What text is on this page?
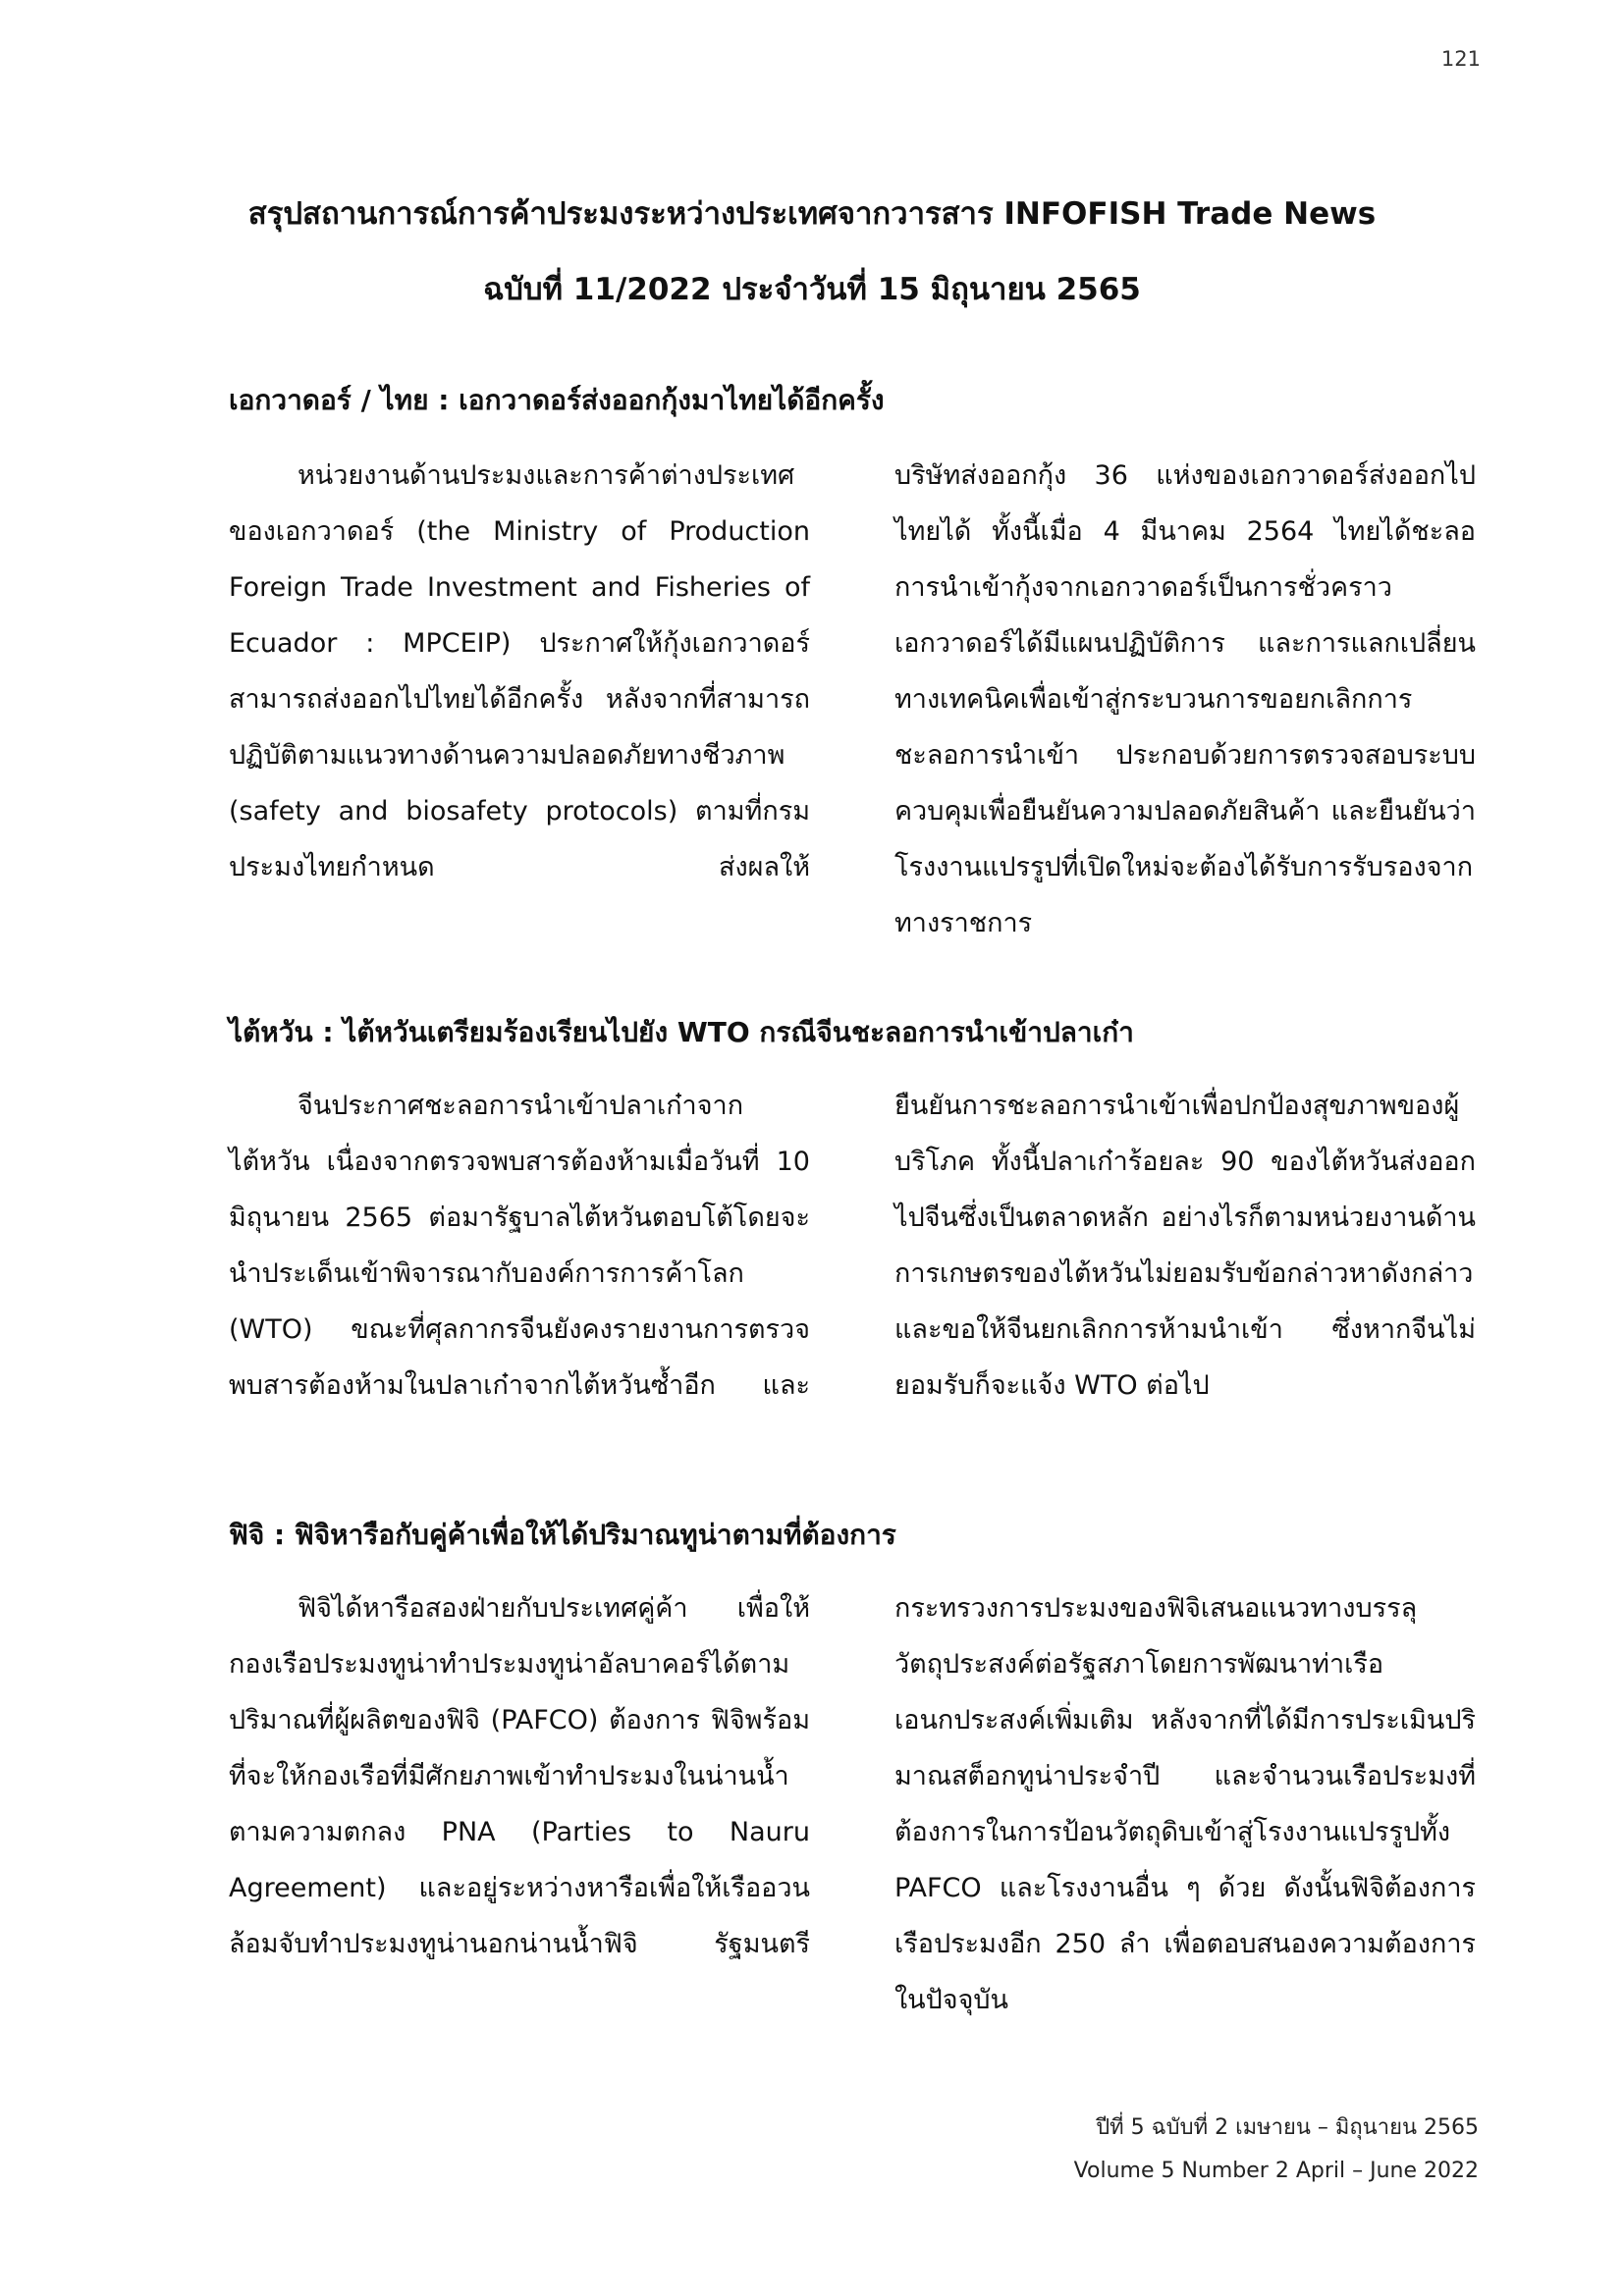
121
สรุปสถานการณ์การค้าประมงระหว่างประเทศจากวารสาร INFOFISH Trade News
ฉบับที่ 11/2022 ประจำวันที่ 15 มิถุนายน 2565
เอกวาดอร์ / ไทย : เอกวาดอร์ส่งออกกุ้งมาไทยได้อีกครั้ง

หน่วยงานด้านประมงและการค้าต่างประเทศของเอกวาดอร์ (the Ministry of Production Foreign Trade Investment and Fisheries of Ecuador : MPCEIP) ประกาศให้กุ้งเอกวาดอร์สามารถส่งออกไปไทยได้อีกครั้ง หลังจากที่สามารถปฏิบัติตามแนวทางด้านความปลอดภัยทางชีวภาพ (safety and biosafety protocols) ตามที่กรมประมงไทยกำหนด ส่งผลให้

บริษัทส่งออกกุ้ง 36 แห่งของเอกวาดอร์ส่งออกไปไทยได้ ทั้งนี้เมื่อ 4 มีนาคม 2564 ไทยได้ชะลอการนำเข้ากุ้งจากเอกวาดอร์เป็นการชั่วคราว เอกวาดอร์ได้มีแผนปฏิบัติการ และการแลกเปลี่ยนทางเทคนิคเพื่อเข้าสู่กระบวนการขอยกเลิกการชะลอการนำเข้า ประกอบด้วยการตรวจสอบระบบควบคุมเพื่อยืนยันความปลอดภัยสินค้า และยืนยันว่าโรงงานแปรรูปที่เปิดใหม่จะต้องได้รับการรับรองจากทางราชการ

ไต้หวัน : ไต้หวันเตรียมร้องเรียนไปยัง WTO กรณีจีนชะลอการนำเข้าปลาเก๋า

จีนประกาศชะลอการนำเข้าปลาเก๋าจากไต้หวัน เนื่องจากตรวจพบสารต้องห้ามเมื่อวันที่ 10 มิถุนายน 2565 ต่อมารัฐบาลไต้หวันตอบโต้โดยจะนำประเด็นเข้าพิจารณากับองค์การการค้าโลก (WTO) ขณะที่ศุลกากรจีนยังคงรายงานการตรวจพบสารต้องห้ามในปลาเก๋าจากไต้หวันซ้ำอีก และ

ยืนยันการชะลอการนำเข้าเพื่อปกป้องสุขภาพของผู้บริโภค ทั้งนี้ปลาเก๋าร้อยละ 90 ของไต้หวันส่งออกไปจีนซึ่งเป็นตลาดหลัก อย่างไรก็ตามหน่วยงานด้านการเกษตรของไต้หวันไม่ยอมรับข้อกล่าวหาดังกล่าว และขอให้จีนยกเลิกการห้ามนำเข้า ซึ่งหากจีนไม่ยอมรับก็จะแจ้ง WTO ต่อไป

ฟิจิ : ฟิจิหารือกับคู่ค้าเพื่อให้ได้ปริมาณทูน่าตามที่ต้องการ

ฟิจิได้หารือสองฝ่ายกับประเทศคู่ค้า เพื่อให้กองเรือประมงทูน่าทำประมงทูน่าอัลบาคอร์ได้ตามปริมาณที่ผู้ผลิตของฟิจิ (PAFCO) ต้องการ ฟิจิพร้อมที่จะให้กองเรือที่มีศักยภาพเข้าทำประมงในน่านน้ำตามความตกลง PNA (Parties to Nauru Agreement) และอยู่ระหว่างหารือเพื่อให้เรืออวนล้อมจับทำประมงทูน่านอกน่านน้ำฟิจิ รัฐมนตรี

กระทรวงการประมงของฟิจิเสนอแนวทางบรรลุวัตถุประสงค์ต่อรัฐสภาโดยการพัฒนาท่าเรือเอนกประสงค์เพิ่มเติม หลังจากที่ได้มีการประเมินปริมาณสต็อกทูน่าประจำปี และจำนวนเรือประมงที่ต้องการในการป้อนวัตถุดิบเข้าสู่โรงงานแปรรูปทั้ง PAFCO และโรงงานอื่น ๆ ด้วย ดังนั้นฟิจิต้องการเรือประมงอีก 250 ลำ เพื่อตอบสนองความต้องการในปัจจุบัน

ปีที่ 5 ฉบับที่ 2 เมษายน – มิถุนายน 2565
Volume 5 Number 2 April – June 2022
